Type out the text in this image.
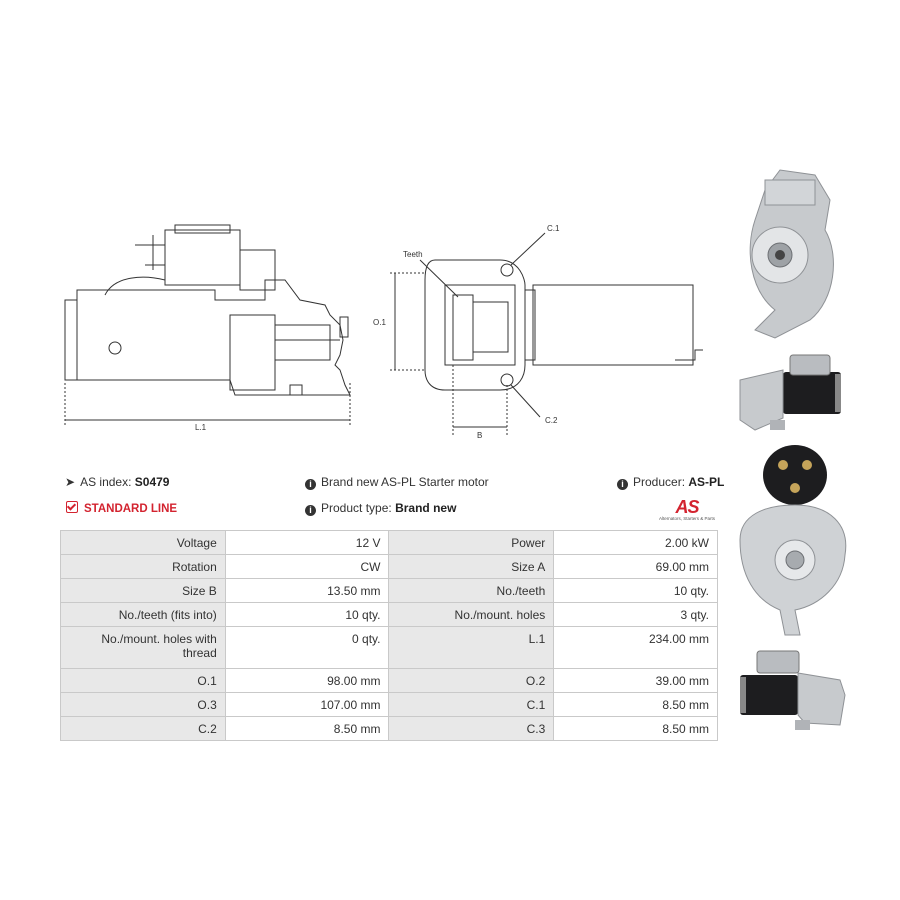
L.1
O.1
B
C.1
C.2
Teeth
➤ AS index: S0479	i Brand new AS-PL Starter motor	i Producer: AS-PL
STANDARD LINE	i Product type: Brand new	AS
Alternators, Starters & Parts
Voltage	12 V	Power	2.00 kW
Rotation	CW	Size A	69.00 mm
Size B	13.50 mm	No./teeth	10 qty.
No./teeth (fits into)	10 qty.	No./mount. holes	3 qty.
No./mount. holes with thread	0 qty.	L.1	234.00 mm
O.1	98.00 mm	O.2	39.00 mm
O.3	107.00 mm	C.1	8.50 mm
C.2	8.50 mm	C.3	8.50 mm
